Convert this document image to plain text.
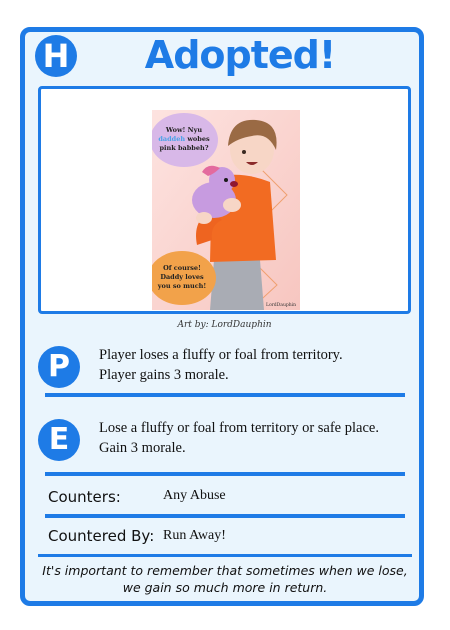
H	Adopted!
Wow! Nyu
daddeh wobes
pink babbeh?
Of course!
Daddy loves
you so much!
LordDauphin
Art by: LordDauphin
P	Player loses a fluffy or foal from territory.
Player gains 3 morale.
E	Lose a fluffy or foal from territory or safe place.
Gain 3 morale.
Counters:	Any Abuse
Countered By: Run Away!
It's important to remember that sometimes when we lose,
we gain so much more in return.
